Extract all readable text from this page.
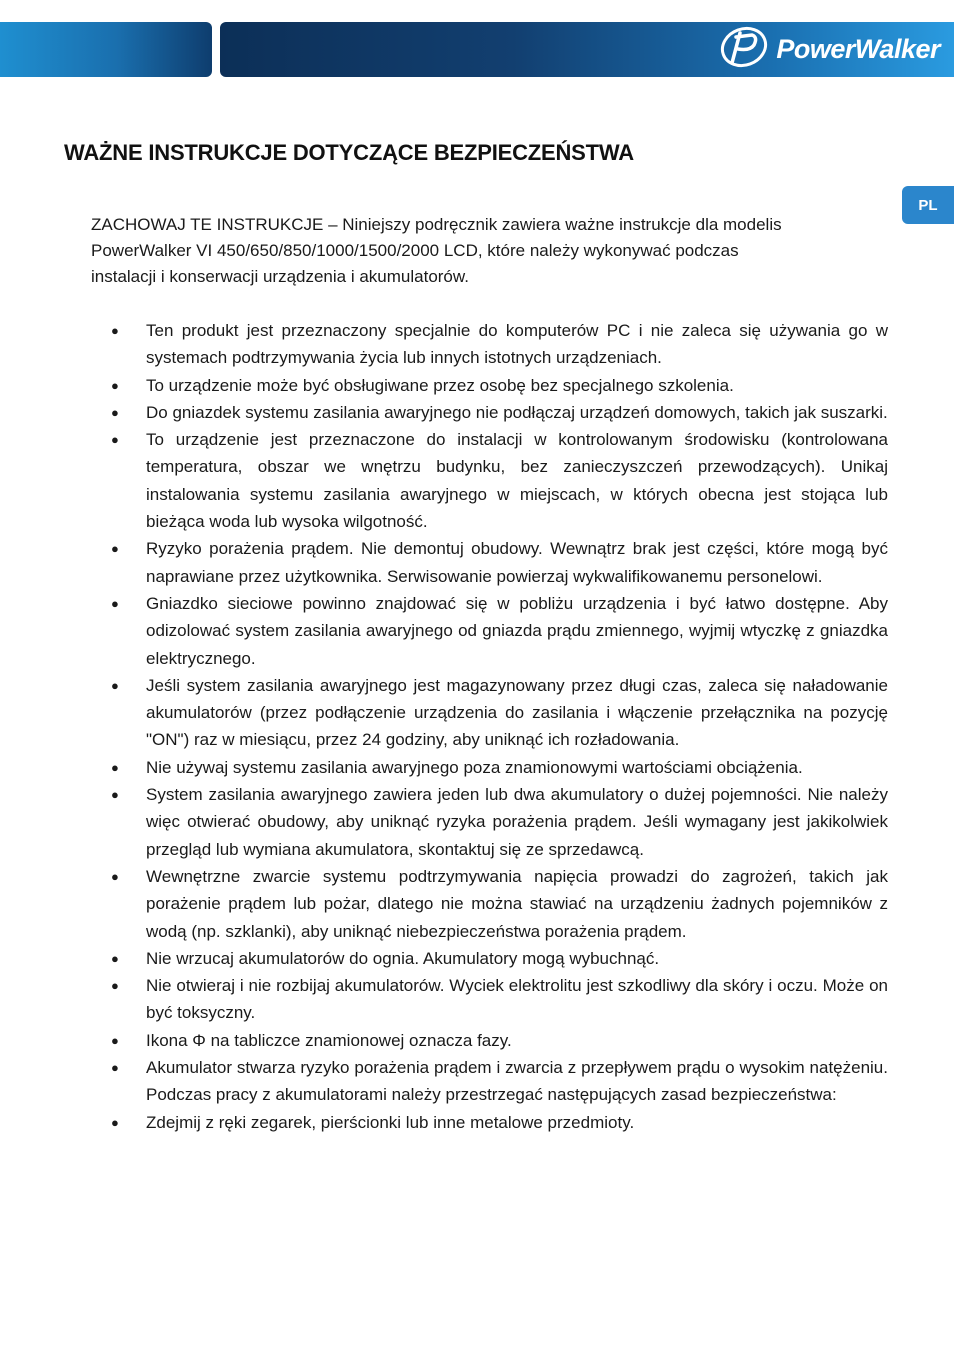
PowerWalker
PL
WAŻNE INSTRUKCJE DOTYCZĄCE BEZPIECZEŃSTWA
ZACHOWAJ TE INSTRUKCJE – Niniejszy podręcznik zawiera ważne instrukcje dla modelis
PowerWalker VI 450/650/850/1000/1500/2000 LCD, które należy wykonywać podczas
instalacji i konserwacji urządzenia i akumulatorów.
● Ten produkt jest przeznaczony specjalnie do komputerów PC i nie zaleca się używania go w systemach podtrzymywania życia lub innych istotnych urządzeniach.
● To urządzenie może być obsługiwane przez osobę bez specjalnego szkolenia.
● Do gniazdek systemu zasilania awaryjnego nie podłączaj urządzeń domowych, takich jak suszarki.
● To urządzenie jest przeznaczone do instalacji w kontrolowanym środowisku (kontrolowana temperatura, obszar we wnętrzu budynku, bez zanieczyszczeń przewodzących). Unikaj instalowania systemu zasilania awaryjnego w miejscach, w których obecna jest stojąca lub bieżąca woda lub wysoka wilgotność.
● Ryzyko porażenia prądem. Nie demontuj obudowy. Wewnątrz brak jest części, które mogą być naprawiane przez użytkownika. Serwisowanie powierzaj wykwalifikowanemu personelowi.
● Gniazdko sieciowe powinno znajdować się w pobliżu urządzenia i być łatwo dostępne. Aby odizolować system zasilania awaryjnego od gniazda prądu zmiennego, wyjmij wtyczkę z gniazdka elektrycznego.
● Jeśli system zasilania awaryjnego jest magazynowany przez długi czas, zaleca się naładowanie akumulatorów (przez podłączenie urządzenia do zasilania i włączenie przełącznika na pozycję "ON") raz w miesiącu, przez 24 godziny, aby uniknąć ich rozładowania.
● Nie używaj systemu zasilania awaryjnego poza znamionowymi wartościami obciążenia.
● System zasilania awaryjnego zawiera jeden lub dwa akumulatory o dużej pojemności. Nie należy więc otwierać obudowy, aby uniknąć ryzyka porażenia prądem. Jeśli wymagany jest jakikolwiek przegląd lub wymiana akumulatora, skontaktuj się ze sprzedawcą.
● Wewnętrzne zwarcie systemu podtrzymywania napięcia prowadzi do zagrożeń, takich jak porażenie prądem lub pożar, dlatego nie można stawiać na urządzeniu żadnych pojemników z wodą (np. szklanki), aby uniknąć niebezpieczeństwa porażenia prądem.
● Nie wrzucaj akumulatorów do ognia. Akumulatory mogą wybuchnąć.
● Nie otwieraj i nie rozbijaj akumulatorów. Wyciek elektrolitu jest szkodliwy dla skóry i oczu. Może on być toksyczny.
● Ikona Φ na tabliczce znamionowej oznacza fazy.
● Akumulator stwarza ryzyko porażenia prądem i zwarcia z przepływem prądu o wysokim natężeniu. Podczas pracy z akumulatorami należy przestrzegać następujących zasad bezpieczeństwa:
● Zdejmij z ręki zegarek, pierścionki lub inne metalowe przedmioty.
